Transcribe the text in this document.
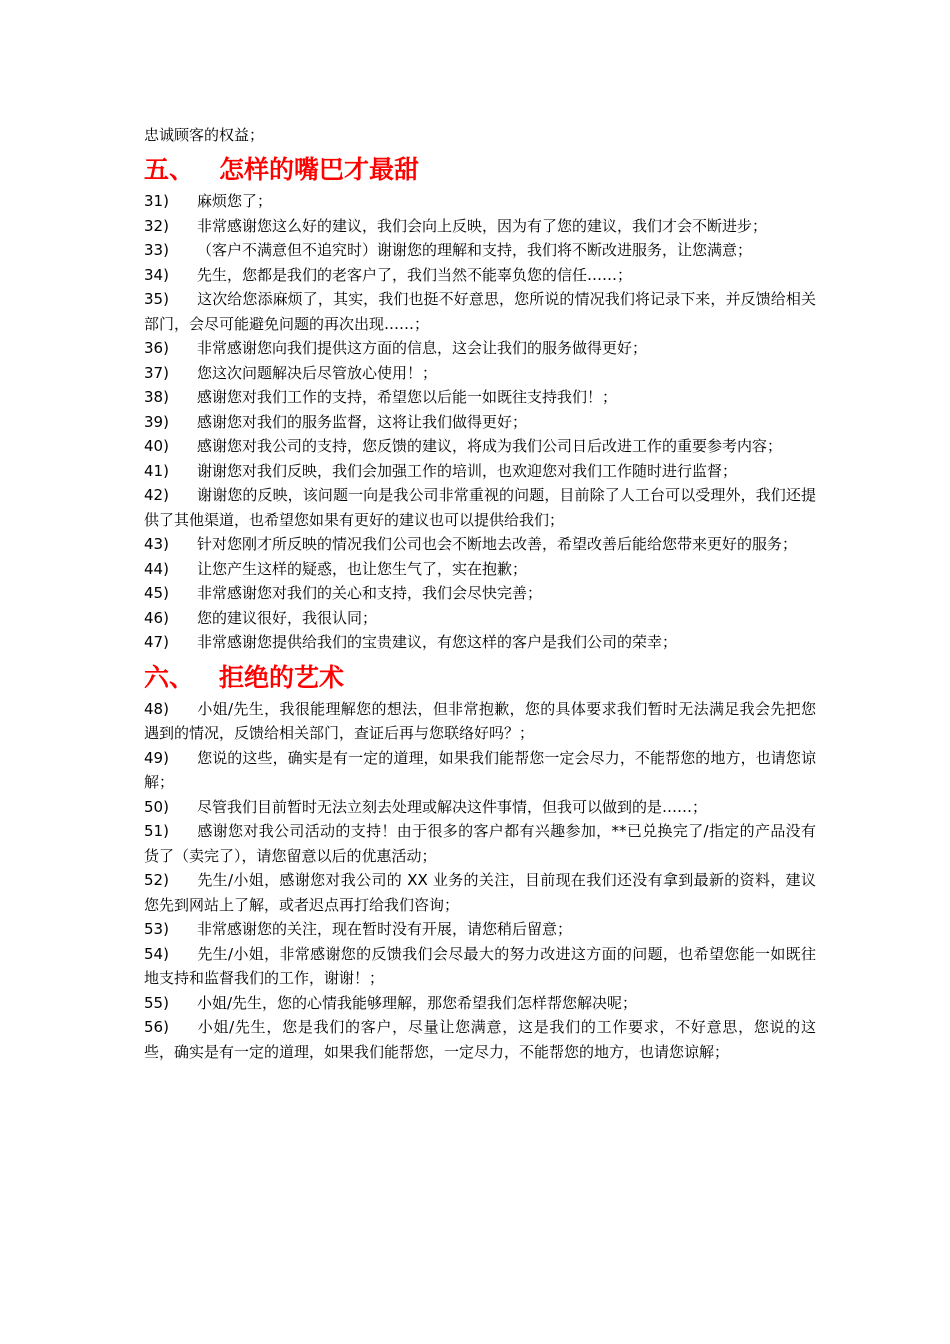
忠诚顾客的权益；

五、 怎样的嘴巴才最甜

31) 麻烦您了；

32) 非常感谢您这么好的建议，我们会向上反映，因为有了您的建议，我们才会不断进步；

33) （客户不满意但不追究时）谢谢您的理解和支持，我们将不断改进服务，让您满意；

34) 先生，您都是我们的老客户了，我们当然不能辜负您的信任……；

35) 这次给您添麻烦了，其实，我们也挺不好意思，您所说的情况我们将记录下来，并反馈给相关部门，会尽可能避免问题的再次出现……；

36) 非常感谢您向我们提供这方面的信息，这会让我们的服务做得更好；

37) 您这次问题解决后尽管放心使用！；

38) 感谢您对我们工作的支持，希望您以后能一如既往支持我们！；

39) 感谢您对我们的服务监督，这将让我们做得更好；

40) 感谢您对我公司的支持，您反馈的建议，将成为我们公司日后改进工作的重要参考内容；

41) 谢谢您对我们反映，我们会加强工作的培训，也欢迎您对我们工作随时进行监督；

42) 谢谢您的反映，该问题一向是我公司非常重视的问题，目前除了人工台可以受理外，我们还提供了其他渠道，也希望您如果有更好的建议也可以提供给我们；

43) 针对您刚才所反映的情况我们公司也会不断地去改善，希望改善后能给您带来更好的服务；

44) 让您产生这样的疑惑，也让您生气了，实在抱歉；

45) 非常感谢您对我们的关心和支持，我们会尽快完善；

46) 您的建议很好，我很认同；

47) 非常感谢您提供给我们的宝贵建议，有您这样的客户是我们公司的荣幸；

六、 拒绝的艺术

48) 小姐/先生，我很能理解您的想法，但非常抱歉，您的具体要求我们暂时无法满足我会先把您遇到的情况，反馈给相关部门，查证后再与您联络好吗？；

49) 您说的这些，确实是有一定的道理，如果我们能帮您一定会尽力，不能帮您的地方，也请您谅解；

50) 尽管我们目前暂时无法立刻去处理或解决这件事情，但我可以做到的是……；

51) 感谢您对我公司活动的支持！由于很多的客户都有兴趣参加，**已兑换完了/指定的产品没有货了（卖完了），请您留意以后的优惠活动；

52) 先生/小姐，感谢您对我公司的 XX 业务的关注，目前现在我们还没有拿到最新的资料，建议您先到网站上了解，或者迟点再打给我们咨询；

53) 非常感谢您的关注，现在暂时没有开展，请您稍后留意；

54) 先生/小姐，非常感谢您的反馈我们会尽最大的努力改进这方面的问题，也希望您能一如既往地支持和监督我们的工作，谢谢！；

55) 小姐/先生，您的心情我能够理解，那您希望我们怎样帮您解决呢；

56) 小姐/先生，您是我们的客户，尽量让您满意，这是我们的工作要求，不好意思，您说的这些，确实是有一定的道理，如果我们能帮您，一定尽力，不能帮您的地方，也请您谅解；
